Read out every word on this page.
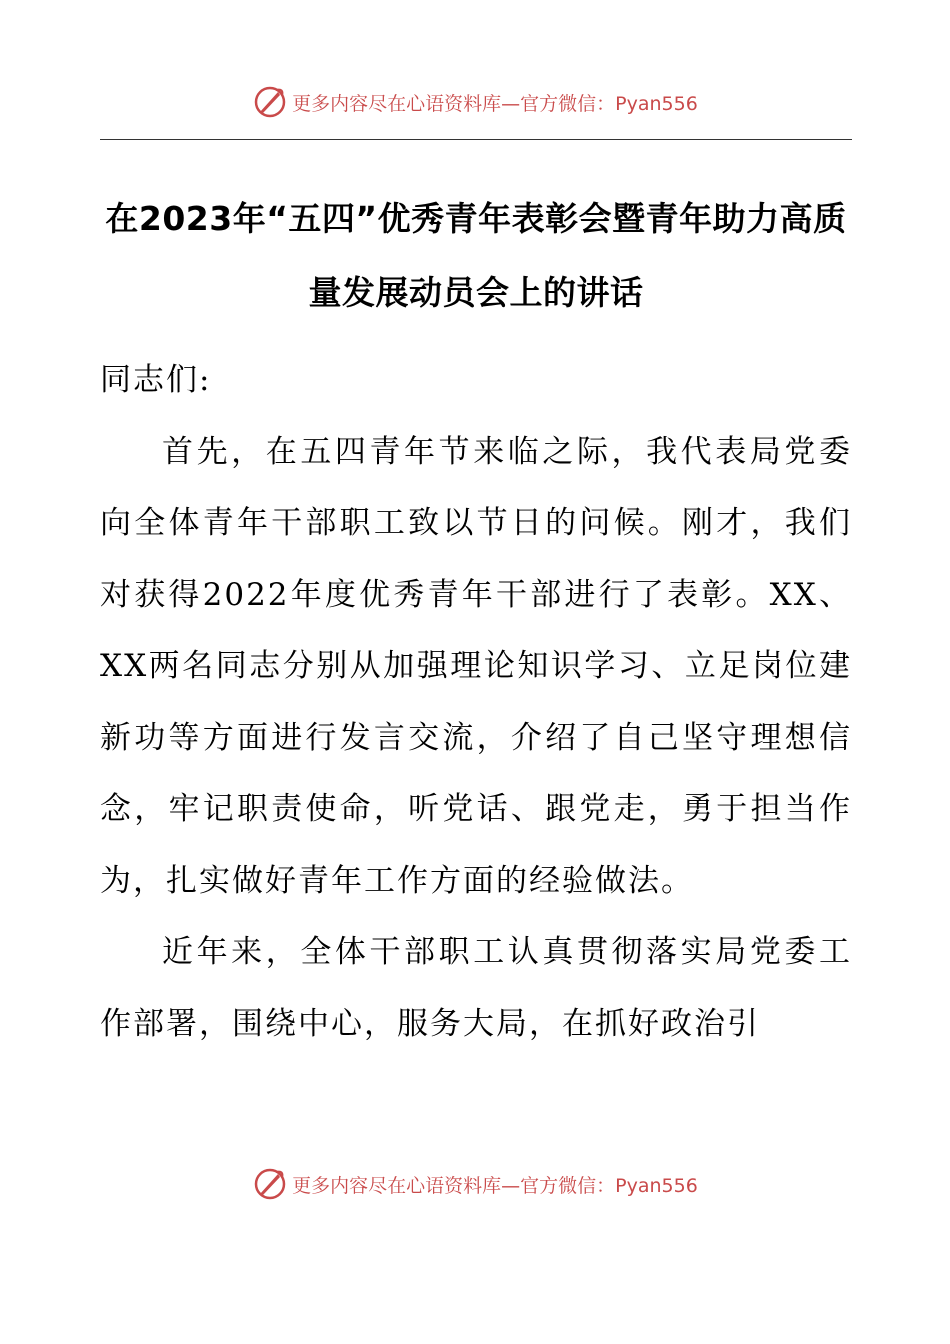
更多内容尽在心语资料库—官方微信：Pyan556
在2023年“五四”优秀青年表彰会暨青年助力高质量发展动员会上的讲话

同志们:

首先，在五四青年节来临之际，我代表局党委向全体青年干部职工致以节日的问候。刚才，我们对获得2022年度优秀青年干部进行了表彰。XX、XX两名同志分别从加强理论知识学习、立足岗位建新功等方面进行发言交流，介绍了自己坚守理想信念，牢记职责使命，听党话、跟党走，勇于担当作为，扎实做好青年工作方面的经验做法。

近年来，全体干部职工认真贯彻落实局党委工作部署，围绕中心，服务大局，在抓好政治引

更多内容尽在心语资料库—官方微信：Pyan556
